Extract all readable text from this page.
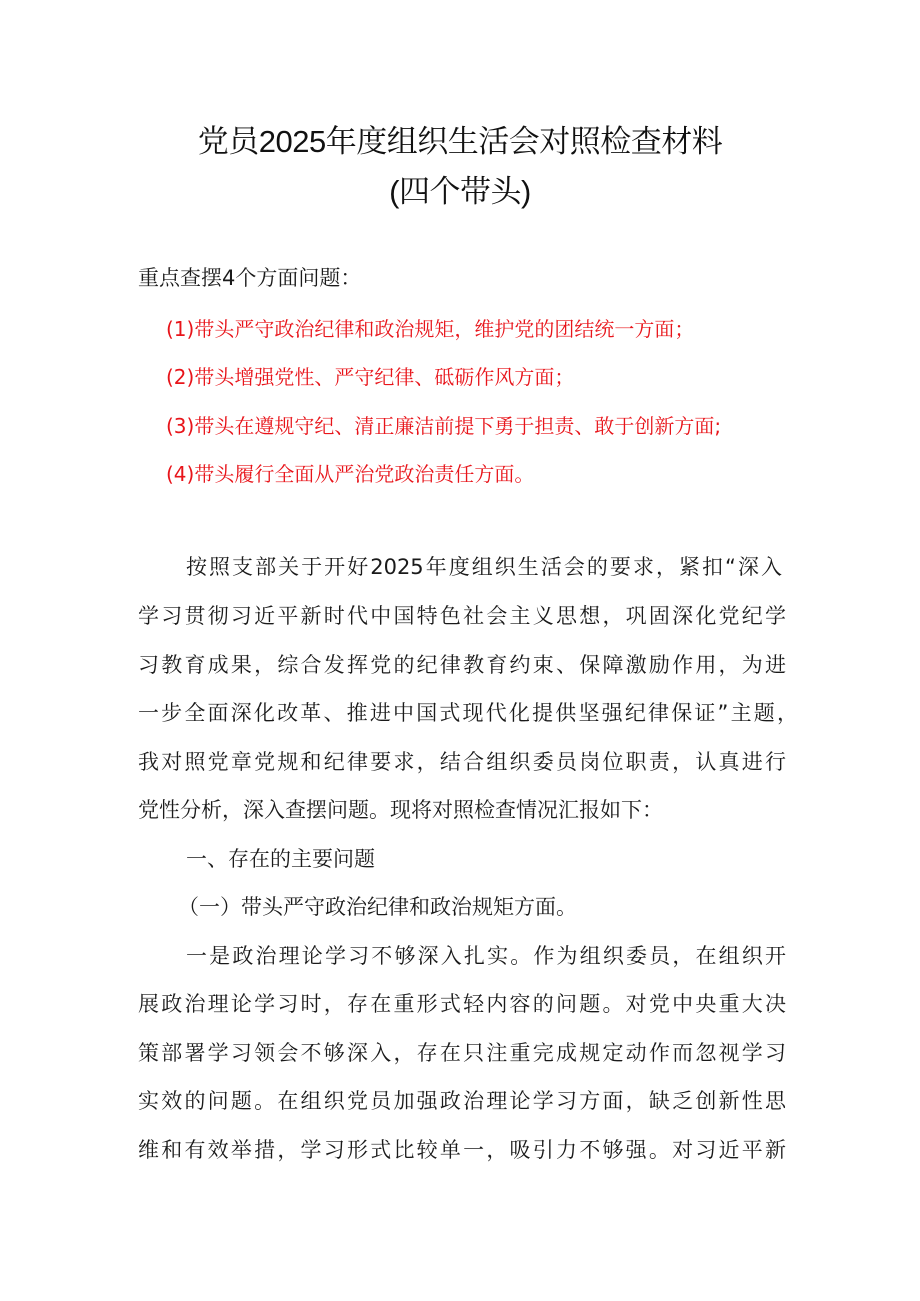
党员2025年度组织生活会对照检查材料
(四个带头)
重点查摆4个方面问题：
(1)带头严守政治纪律和政治规矩，维护党的团结统一方面；
(2)带头增强党性、严守纪律、砥砺作风方面；
(3)带头在遵规守纪、清正廉洁前提下勇于担责、敢于创新方面;
(4)带头履行全面从严治党政治责任方面。
按照支部关于开好2025年度组织生活会的要求，紧扣“深入
学习贯彻习近平新时代中国特色社会主义思想，巩固深化党纪学
习教育成果，综合发挥党的纪律教育约束、保障激励作用，为进
一步全面深化改革、推进中国式现代化提供坚强纪律保证”主题，
我对照党章党规和纪律要求，结合组织委员岗位职责，认真进行
党性分析，深入查摆问题。现将对照检查情况汇报如下：
一、存在的主要问题
（一）带头严守政治纪律和政治规矩方面。
一是政治理论学习不够深入扎实。作为组织委员，在组织开
展政治理论学习时，存在重形式轻内容的问题。对党中央重大决
策部署学习领会不够深入，存在只注重完成规定动作而忽视学习
实效的问题。在组织党员加强政治理论学习方面，缺乏创新性思
维和有效举措，学习形式比较单一，吸引力不够强。对习近平新
